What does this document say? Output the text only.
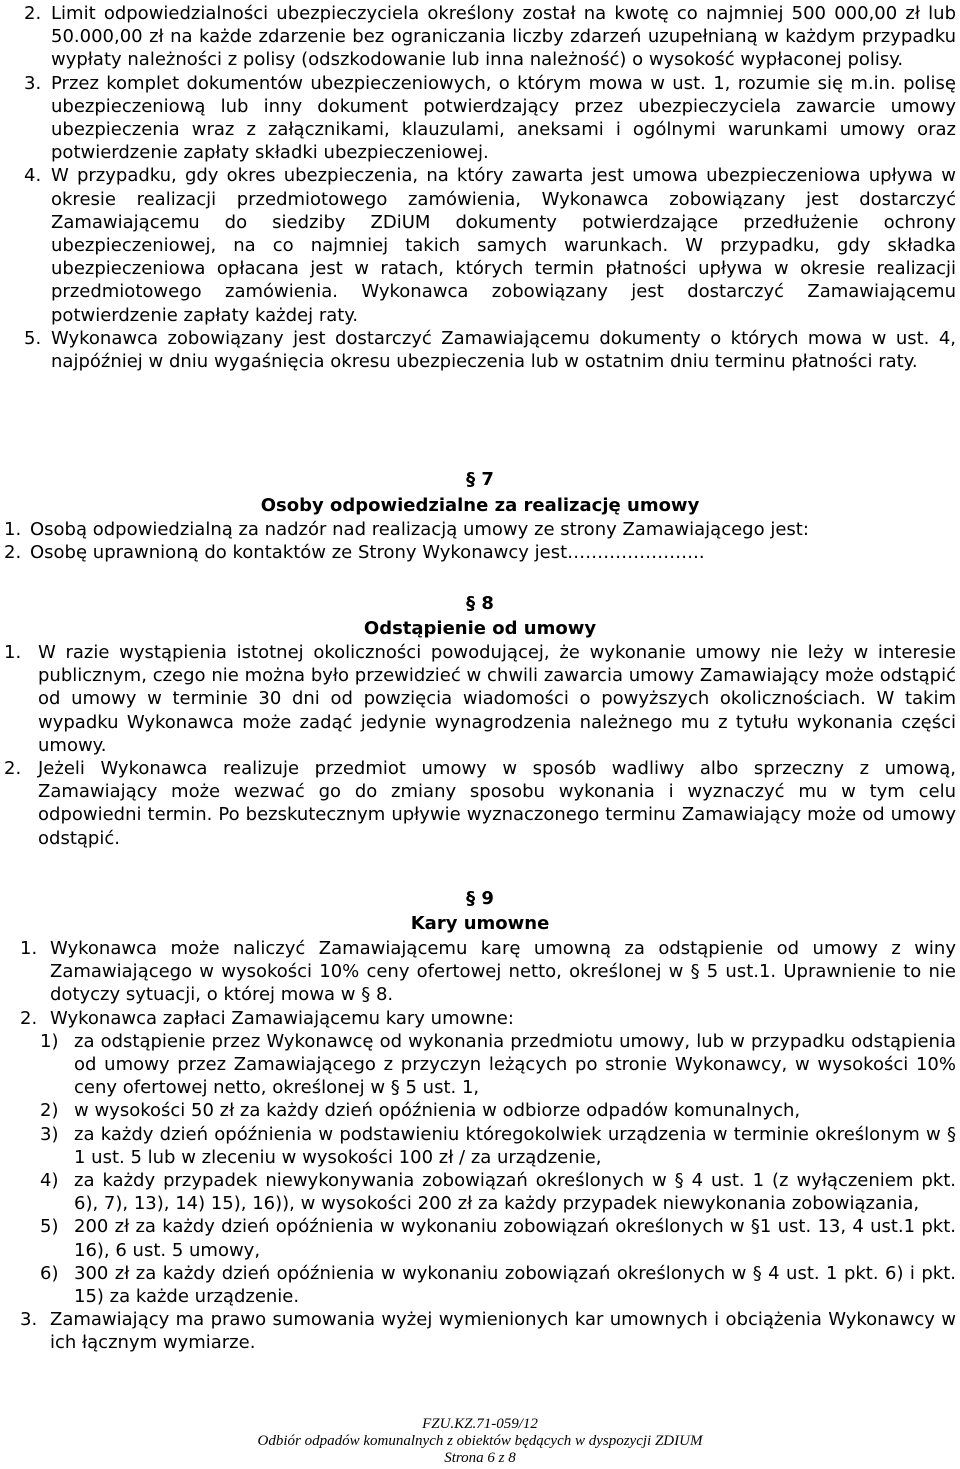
2. Limit odpowiedzialności ubezpieczyciela określony został na kwotę co najmniej 500 000,00 zł lub 50.000,00 zł na każde zdarzenie bez ograniczania liczby zdarzeń uzupełnianą w każdym przypadku wypłaty należności z polisy (odszkodowanie lub inna należność) o wysokość wypłaconej polisy.
3. Przez komplet dokumentów ubezpieczeniowych, o którym mowa w ust. 1, rozumie się m.in. polisę ubezpieczeniową lub inny dokument potwierdzający przez ubezpieczyciela zawarcie umowy ubezpieczenia wraz z załącznikami, klauzulami, aneksami i ogólnymi warunkami umowy oraz potwierdzenie zapłaty składki ubezpieczeniowej.
4. W przypadku, gdy okres ubezpieczenia, na który zawarta jest umowa ubezpieczeniowa upływa w okresie realizacji przedmiotowego zamówienia, Wykonawca zobowiązany jest dostarczyć Zamawiającemu do siedziby ZDiUM dokumenty potwierdzające przedłużenie ochrony ubezpieczeniowej, na co najmniej takich samych warunkach. W przypadku, gdy składka ubezpieczeniowa opłacana jest w ratach, których termin płatności upływa w okresie realizacji przedmiotowego zamówienia. Wykonawca zobowiązany jest dostarczyć Zamawiającemu potwierdzenie zapłaty każdej raty.
5. Wykonawca zobowiązany jest dostarczyć Zamawiającemu dokumenty o których mowa w ust. 4, najpóźniej w dniu wygaśnięcia okresu ubezpieczenia lub w ostatnim dniu terminu płatności raty.
§ 7
Osoby odpowiedzialne za realizację umowy
1. Osobą odpowiedzialną za nadzór nad realizacją umowy ze strony Zamawiającego jest:
2. Osobę uprawnioną do kontaktów ze Strony Wykonawcy jest…………………..
§ 8
Odstąpienie od umowy
1. W razie wystąpienia istotnej okoliczności powodującej, że wykonanie umowy nie leży w interesie publicznym, czego nie można było przewidzieć w chwili zawarcia umowy Zamawiający może odstąpić od umowy w terminie 30 dni od powzięcia wiadomości o powyższych okolicznościach. W takim wypadku Wykonawca może zadąć jedynie wynagrodzenia należnego mu z tytułu wykonania części umowy.
2. Jeżeli Wykonawca realizuje przedmiot umowy w sposób wadliwy albo sprzeczny z umową, Zamawiający może wezwać go do zmiany sposobu wykonania i wyznaczyć mu w tym celu odpowiedni termin. Po bezskutecznym upływie wyznaczonego terminu Zamawiający może od umowy odstąpić.
§ 9
Kary umowne
1. Wykonawca może naliczyć Zamawiającemu karę umowną za odstąpienie od umowy z winy Zamawiającego w wysokości 10% ceny ofertowej netto, określonej w § 5 ust.1. Uprawnienie to nie dotyczy sytuacji, o której mowa w § 8.
2. Wykonawca zapłaci Zamawiającemu kary umowne:
1) za odstąpienie przez Wykonawcę od wykonania przedmiotu umowy, lub w przypadku odstąpienia od umowy przez Zamawiającego z przyczyn leżących po stronie Wykonawcy, w wysokości 10% ceny ofertowej netto, określonej w § 5 ust. 1,
2) w wysokości 50 zł za każdy dzień opóźnienia w odbiorze odpadów komunalnych,
3) za każdy dzień opóźnienia w podstawieniu któregokolwiek urządzenia w terminie określonym w § 1 ust. 5 lub w zleceniu w wysokości 100 zł / za urządzenie,
4) za każdy przypadek niewykonywania zobowiązań określonych w § 4 ust. 1 (z wyłączeniem pkt. 6), 7), 13), 14) 15), 16)), w wysokości 200 zł za każdy przypadek niewykonania zobowiązania,
5) 200 zł za każdy dzień opóźnienia w wykonaniu zobowiązań określonych w §1 ust. 13, 4 ust.1 pkt. 16), 6 ust. 5 umowy,
6) 300 zł za każdy dzień opóźnienia w wykonaniu zobowiązań określonych w § 4 ust. 1 pkt. 6) i pkt. 15) za każde urządzenie.
3. Zamawiający ma prawo sumowania wyżej wymienionych kar umownych i obciążenia Wykonawcy w ich łącznym wymiarze.
FZU.KZ.71-059/12
Odbiór odpadów komunalnych z obiektów będących w dyspozycji ZDIUM
Strona 6 z 8
